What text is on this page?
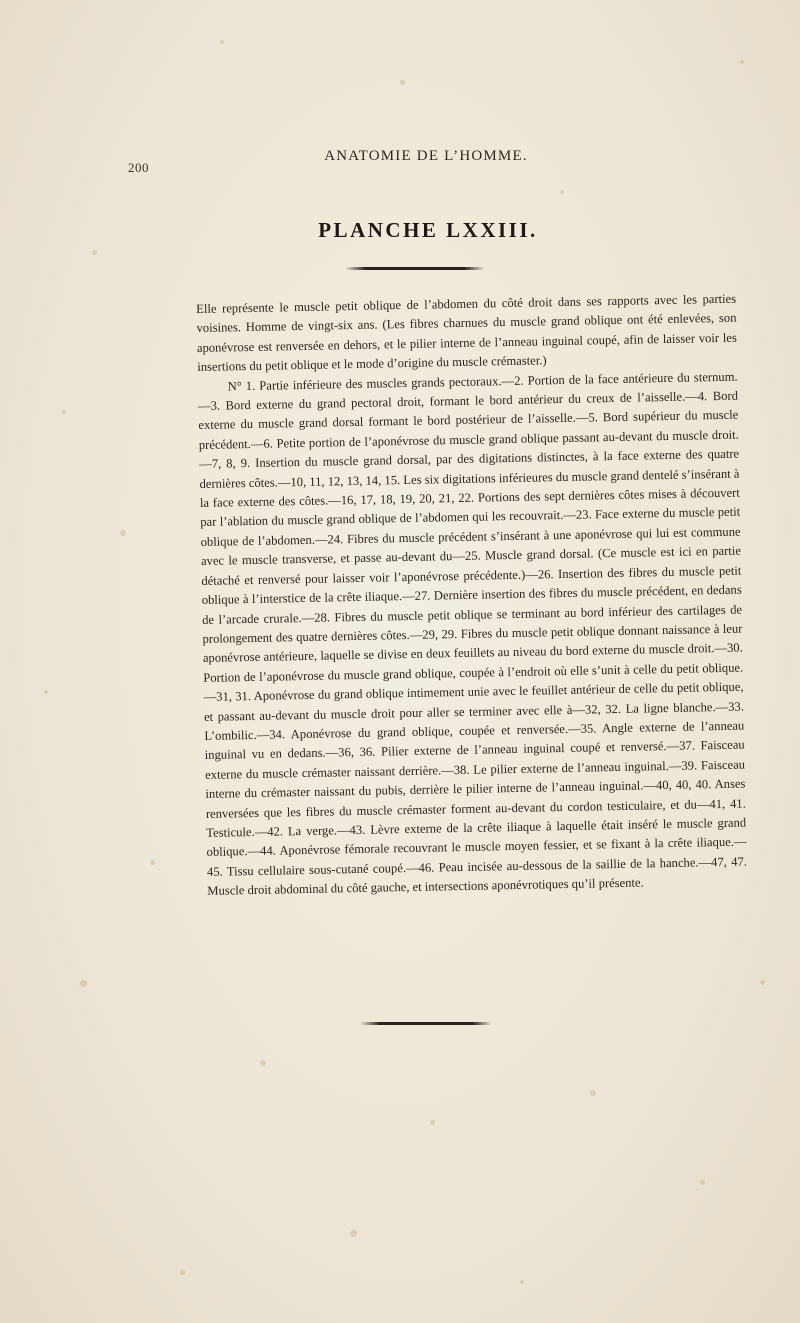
200
ANATOMIE DE L’HOMME.
PLANCHE LXXIII.

Elle représente le muscle petit oblique de l’abdomen du côté droit dans ses rapports avec les parties voisines. Homme de vingt-six ans. (Les fibres charnues du muscle grand oblique ont été enlevées, son aponévrose est renversée en dehors, et le pilier interne de l’anneau inguinal coupé, afin de laisser voir les insertions du petit oblique et le mode d’origine du muscle crémaster.)

N° 1. Partie inférieure des muscles grands pectoraux.—2. Portion de la face antérieure du sternum.—3. Bord externe du grand pectoral droit, formant le bord antérieur du creux de l’aisselle.—4. Bord externe du muscle grand dorsal formant le bord postérieur de l’aisselle.—5. Bord supérieur du muscle précédent.—6. Petite portion de l’aponévrose du muscle grand oblique passant au-devant du muscle droit.—7, 8, 9. Insertion du muscle grand dorsal, par des digitations distinctes, à la face externe des quatre dernières côtes.—10, 11, 12, 13, 14, 15. Les six digitations inférieures du muscle grand dentelé s’insérant à la face externe des côtes.—16, 17, 18, 19, 20, 21, 22. Portions des sept dernières côtes mises à découvert par l’ablation du muscle grand oblique de l’abdomen qui les recouvrait.—23. Face externe du muscle petit oblique de l’abdomen.—24. Fibres du muscle précédent s’insérant à une aponévrose qui lui est commune avec le muscle transverse, et passe au-devant du—25. Muscle grand dorsal. (Ce muscle est ici en partie détaché et renversé pour laisser voir l’aponévrose précédente.)—26. Insertion des fibres du muscle petit oblique à l’interstice de la crête iliaque.—27. Dernière insertion des fibres du muscle précédent, en dedans de l’arcade crurale.—28. Fibres du muscle petit oblique se terminant au bord inférieur des cartilages de prolongement des quatre dernières côtes.—29, 29. Fibres du muscle petit oblique donnant naissance à leur aponévrose antérieure, laquelle se divise en deux feuillets au niveau du bord externe du muscle droit.—30. Portion de l’aponévrose du muscle grand oblique, coupée à l’endroit où elle s’unit à celle du petit oblique.—31, 31. Aponévrose du grand oblique intimement unie avec le feuillet antérieur de celle du petit oblique, et passant au-devant du muscle droit pour aller se terminer avec elle à—32, 32. La ligne blanche.—33. L’ombilic.—34. Aponévrose du grand oblique, coupée et renversée.—35. Angle externe de l’anneau inguinal vu en dedans.—36, 36. Pilier externe de l’anneau inguinal coupé et renversé.—37. Faisceau externe du muscle crémaster naissant derrière.—38. Le pilier externe de l’anneau inguinal.—39. Faisceau interne du crémaster naissant du pubis, derrière le pilier interne de l’anneau inguinal.—40, 40, 40. Anses renversées que les fibres du muscle crémaster forment au-devant du cordon testiculaire, et du—41, 41. Testicule.—42. La verge.—43. Lèvre externe de la crête iliaque à laquelle était inséré le muscle grand oblique.—44. Aponévrose fémorale recouvrant le muscle moyen fessier, et se fixant à la crête iliaque.—45. Tissu cellulaire sous-cutané coupé.—46. Peau incisée au-dessous de la saillie de la hanche.—47, 47. Muscle droit abdominal du côté gauche, et intersections aponévrotiques qu’il présente.
